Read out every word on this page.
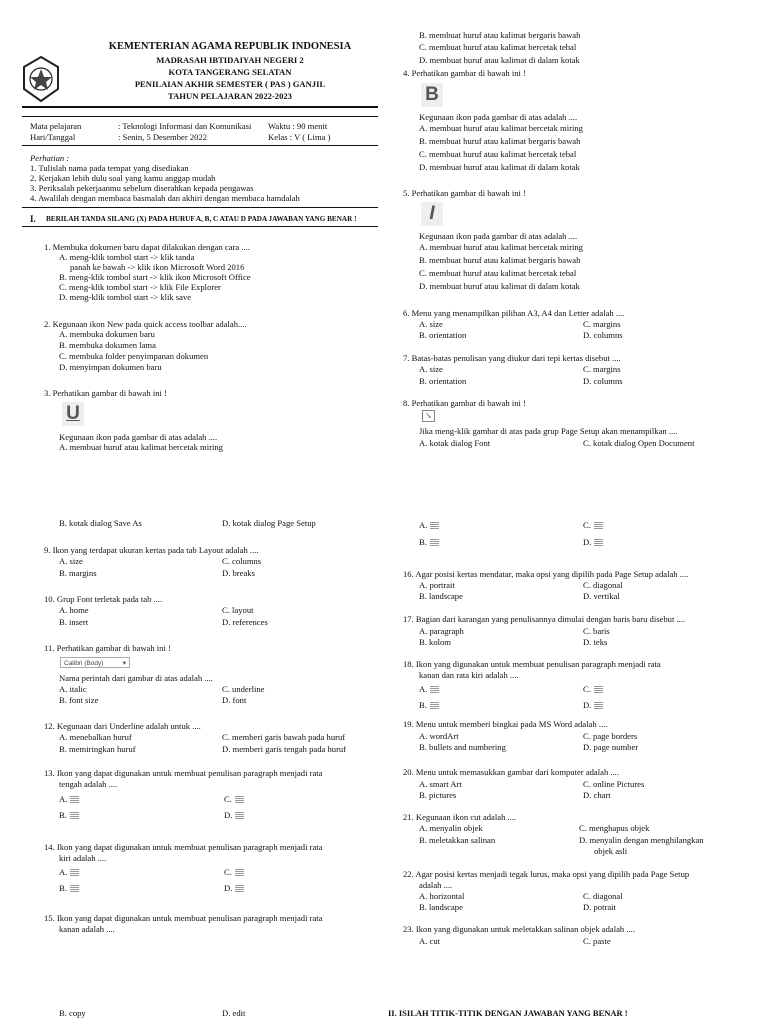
KEMENTERIAN AGAMA REPUBLIK INDONESIA
MADRASAH IBTIDAIYAH NEGERI 2
KOTA TANGERANG SELATAN
PENILAIAN AKHIR SEMESTER ( PAS ) GANJIL
TAHUN PELAJARAN 2022-2023
Mata pelajaran	: Teknologi Informasi dan Komunikasi Waktu : 90 menit
Hari/Tanggal	: Senin, 5 Desember 2022	Kelas : V ( Lima )
Perhatian :
1. Tulislah nama pada tempat yang disediakan
2. Kerjakan lebih dulu soal yang kamu anggap mudah
3. Periksalah pekerjaanmu sebelum diserahkan kepada pengawas
4. Awalilah dengan membaca basmalah dan akhiri dengan membaca hamdalah
I. BERILAH TANDA SILANG (X) PADA HURUF A, B, C ATAU D PADA JAWABAN YANG BENAR !
1. Membuka dokumen baru dapat dilakukan dengan cara ....
A. meng-klik tombol start -> klik tanda
panah ke bawah -> klik ikon Microsoft Word 2016
B. meng-klik tombol start -> klik ikon Microsoft Office
C. meng-klik tombol start -> klik File Explorer
D. meng-klik tombol start -> klik save
2. Kegunaan ikon New pada quick access toolbar adalah....
A. membuka dokumen baru
B. membuka dokumen lama
C. membuka folder penyimpanan dokumen
D. menyimpan dokumen baru
3. Perhatikan gambar di bawah ini !
U
Kegunaan ikon pada gambar di atas adalah ....
A. membuat huruf atau kalimat bercetak miring
B. membuat huruf atau kalimat bergaris bawah
C. membuat huruf atau kalimat bercetak tebal
D. membuat huruf atau kalimat di dalam kotak
4. Perhatikan gambar di bawah ini !
B
Kegunaan ikon pada gambar di atas adalah ....
A. membuat huruf atau kalimat bercetak miring
B. membuat huruf atau kalimat bergaris bawah
C. membuat huruf atau kalimat bercetak tebal
D. membuat huruf atau kalimat di dalam kotak
5. Perhatikan gambar di bawah ini !
I
Kegunaan ikon pada gambar di atas adalah ....
A. membuat huruf atau kalimat bercetak miring
B. membuat huruf atau kalimat bergaris bawah
C. membuat huruf atau kalimat bercetak tebal
D. membuat huruf atau kalimat di dalam kotak
6. Menu yang menampilkan pilihan A3, A4 dan Letter adalah ....
A. size	C. margins
B. orientation	D. columns
7. Batas-batas penulisan yang diukur dari tepi kertas disebut ....
A. size	C. margins
B. orientation	D. columns
8. Perhatikan gambar di bawah ini !
↘
Jika meng-klik gambar di atas pada grup Page Setup akan menampilkan ....
A. kotak dialog Font	C. kotak dialog Open Document
B. kotak dialog Save As	D. kotak dialog Page Setup
9. Ikon yang terdapat ukuran kertas pada tab Layout adalah ....
A. size	C. columns
B. margins	D. breaks
10. Grup Font terletak pada tab ....
A. home	C. layout
B. insert	D. references
11. Perhatikan gambar di bawah ini !
Calibri (Body)	▾
Nama perintah dari gambar di atas adalah ....
A. italic	C. underline
B. font size	D. font
12. Kegunaan dari Underline adalah untuk ....
A. menebalkan huruf	C. memberi garis bawah pada huruf
B. memiringkan huruf	D. memberi garis tengah pada huruf
13. Ikon yang dapat digunakan untuk membuat penulisan paragraph menjadi rata
tengah adalah ....
A.	C.
B.	D.
14. Ikon yang dapat digunakan untuk membuat penulisan paragraph menjadi rata
kiri adalah ....
A.	C.
B.	D.
15. Ikon yang dapat digunakan untuk membuat penulisan paragraph menjadi rata
kanan adalah ....
B. copy	D. edit
A.	C.
B.	D.
16. Agar posisi kertas mendatar, maka opsi yang dipilih pada Page Setup adalah ....
A. portrait	C. diagonal
B. landscape	D. vertikal
17. Bagian dari karangan yang penulisannya dimulai dengan baris baru disebut ....
A. paragraph	C. baris
B. kolom	D. teks
18. Ikon yang digunakan untuk membuat penulisan paragraph menjadi rata
kanan dan rata kiri adalah ....
A.	C.
B.	D.
19. Menu untuk memberi bingkai pada MS Word adalah ....
A. wordArt	C. page borders
B. bullets and numbering	D. page number
20. Menu untuk memasukkan gambar dari komputer adalah ....
A. smart Art	C. online Pictures
B. pictures	D. chart
21. Kegunaan ikon cut adalah ....
A. menyalin objek	C. menghapus objek
B. meletakkan salinan	D. menyalin dengan menghilangkan
objek asli
22. Agar posisi kertas menjadi tegak lurus, maka opsi yang dipilih pada Page Setup
adalah ....
A. horizontal	C. diagonal
B. landscape	D. potrait
23. Ikon yang digunakan untuk meletakkan salinan objek adalah ....
A. cut	C. paste
II. ISILAH TITIK-TITIK DENGAN JAWABAN YANG BENAR !
